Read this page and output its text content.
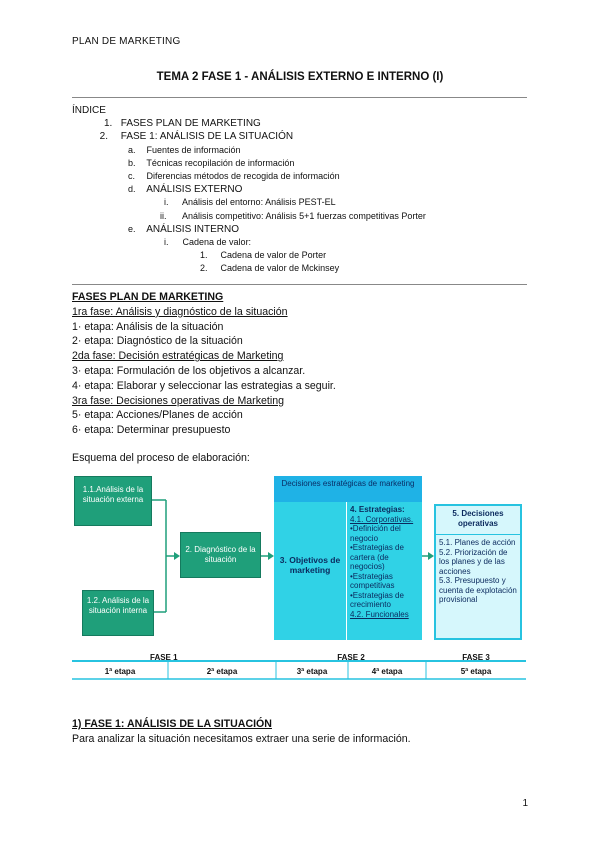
PLAN DE MARKETING
TEMA 2 FASE 1 - ANÁLISIS EXTERNO E INTERNO (I)
ÍNDICE
1. FASES PLAN DE MARKETING
2. FASE 1: ANÁLISIS DE LA SITUACIÓN
a. Fuentes de información
b. Técnicas recopilación de información
c. Diferencias métodos de recogida de información
d. ANÁLISIS EXTERNO
i. Análisis del entorno: Análisis PEST-EL
ii. Análisis competitivo: Análisis 5+1 fuerzas competitivas Porter
e. ANÁLISIS INTERNO
i. Cadena de valor:
1. Cadena de valor de Porter
2. Cadena de valor de Mckinsey
FASES PLAN DE MARKETING
1ra fase: Análisis y diagnóstico de la situación
1· etapa: Análisis de la situación
2· etapa: Diagnóstico de la situación
2da fase: Decisión estratégicas de Marketing
3· etapa: Formulación de los objetivos a alcanzar.
4· etapa: Elaborar y seleccionar las estrategias a seguir.
3ra fase: Decisiones operativas de Marketing
5· etapa: Acciones/Planes de acción
6· etapa: Determinar presupuesto
Esquema del proceso de elaboración:
1.1.Análisis de la situación externa
1.2. Análisis de la situación interna
2. Diagnóstico de la situación
Decisiones estratégicas de marketing
3. Objetivos de marketing
4. Estrategias:
4.1. Corporativas.
•Definición del negocio
•Estrategias de cartera (de negocios)
•Estrategias competitivas
•Estrategias de crecimiento
4.2. Funcionales
5. Decisiones operativas
5.1. Planes de acción
5.2. Priorización de los planes y de las acciones
5.3. Presupuesto y cuenta de explotación provisional
FASE 1	FASE 2	FASE 3
1ª etapa	2ª etapa	3ª etapa	4ª etapa	5ª etapa
1) FASE 1: ANÁLISIS DE LA SITUACIÓN
Para analizar la situación necesitamos extraer una serie de información.
1
